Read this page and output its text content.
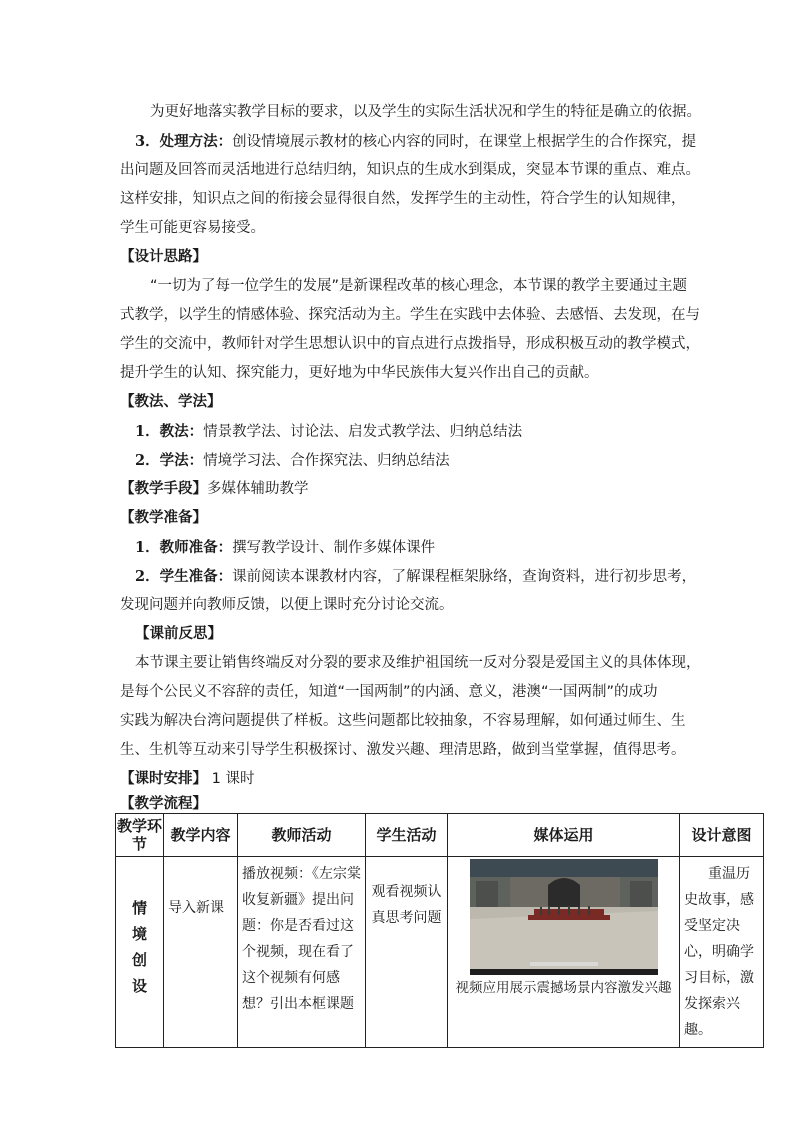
为更好地落实教学目标的要求，以及学生的实际生活状况和学生的特征是确立的依据。

3．处理方法：创设情境展示教材的核心内容的同时，在课堂上根据学生的合作探究，提

出问题及回答而灵活地进行总结归纳，知识点的生成水到渠成，突显本节课的重点、难点。

这样安排，知识点之间的衔接会显得很自然，发挥学生的主动性，符合学生的认知规律，

学生可能更容易接受。

【设计思路】

“一切为了每一位学生的发展”是新课程改革的核心理念，本节课的教学主要通过主题

式教学，以学生的情感体验、探究活动为主。学生在实践中去体验、去感悟、去发现，在与

学生的交流中，教师针对学生思想认识中的盲点进行点拨指导，形成积极互动的教学模式，

提升学生的认知、探究能力，更好地为中华民族伟大复兴作出自己的贡献。

【教法、学法】

1．教法：情景教学法、讨论法、启发式教学法、归纳总结法

2．学法：情境学习法、合作探究法、归纳总结法

【教学手段】多媒体辅助教学

【教学准备】

1．教师准备：撰写教学设计、制作多媒体课件

2．学生准备：课前阅读本课教材内容，了解课程框架脉络，查询资料，进行初步思考，

发现问题并向教师反馈，以便上课时充分讨论交流。

【课前反思】

本节课主要让销售终端反对分裂的要求及维护祖国统一反对分裂是爱国主义的具体体现，

是每个公民义不容辞的责任，知道“一国两制”的内涵、意义，港澳“一国两制”的成功

实践为解决台湾问题提供了样板。这些问题都比较抽象，不容易理解，如何通过师生、生

生、生机等互动来引导学生积极探讨、激发兴趣、理清思路，做到当堂掌握，值得思考。

【课时安排】 1 课时

【教学流程】

教学环节	教学内容	教师活动	学生活动	媒体运用	设计意图

情
境
创
设	导入新课	播放视频：《左宗棠收复新疆》提出问题：你是否看过这个视频，现在看了这个视频有何感想？引出本框课题	观看视频认真思考问题	视频应用展示震撼场景内容激发兴趣	重温历史故事，感受坚定决心，明确学习目标，激发探索兴趣。
